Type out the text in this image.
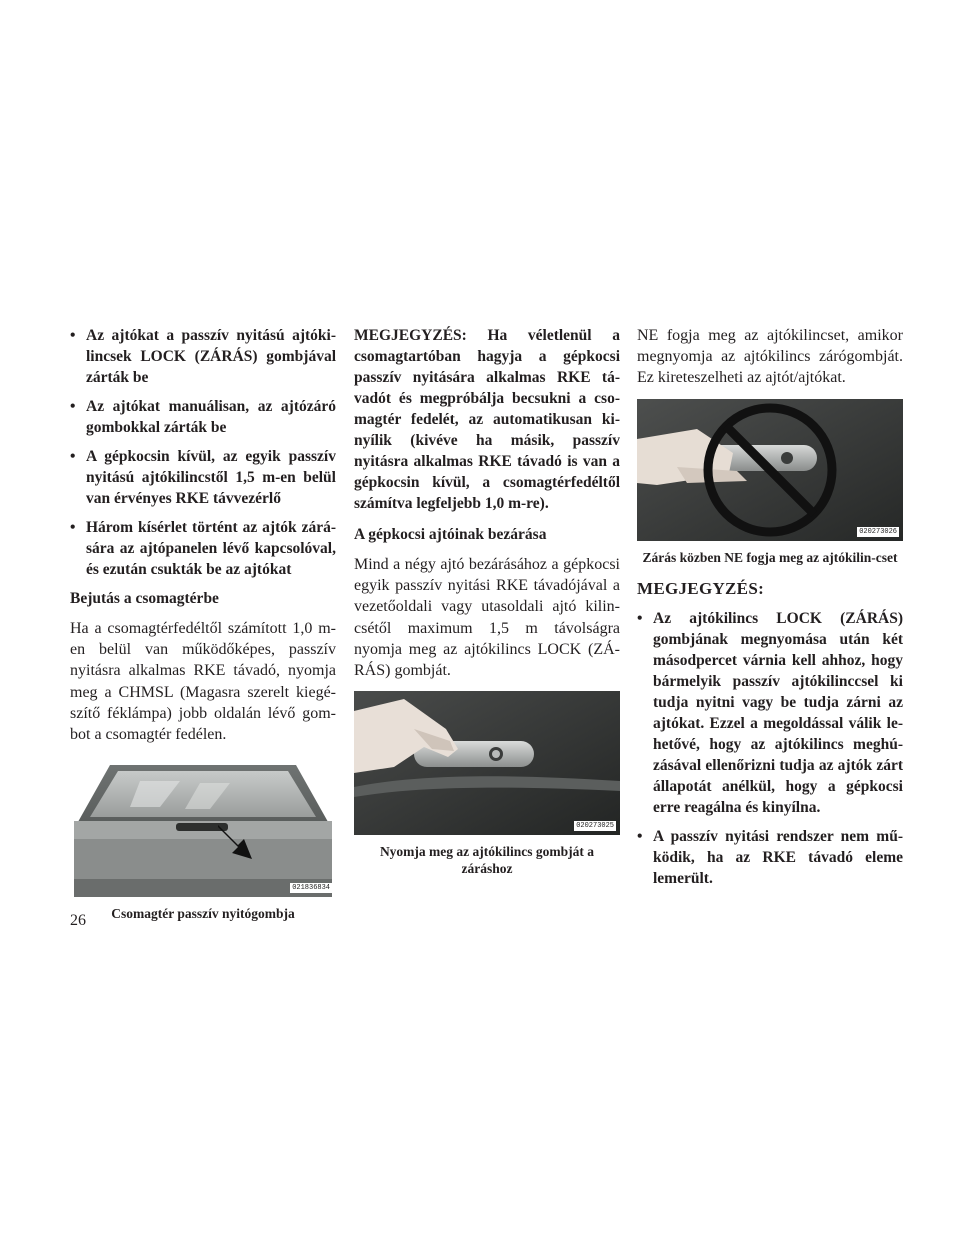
• Az ajtókat a passzív nyitású ajtóki-lincsek LOCK (ZÁRÁS) gombjával zárták be
• Az ajtókat manuálisan, az ajtózáró gombokkal zárták be
• A gépkocsin kívül, az egyik passzív nyitású ajtókilincstől 1,5 m-en belül van érvényes RKE távvezérlő
• Három kísérlet történt az ajtók zárá-sára az ajtópanelen lévő kapcsolóval, és ezután csukták be az ajtókat
Bejutás a csomagtérbe
Ha a csomagtérfedéltől számított 1,0 m-en belül van működőképes, passzív nyitásra alkalmas RKE távadó, nyomja meg a CHMSL (Magasra szerelt kiegé-szítő féklámpa) jobb oldalán lévő gom-bot a csomagtér fedélen.
021836834
Csomagtér passzív nyitógombja
MEGJEGYZÉS: Ha véletlenül a csomagtartóban hagyja a gépkocsi passzív nyitására alkalmas RKE tá-vadót és megpróbálja becsukni a cso-magtér fedelét, az automatikusan ki-nyílik (kivéve ha másik, passzív nyitásra alkalmas RKE távadó is van a gépkocsin kívül, a csomagtérfedéltől számítva legfeljebb 1,0 m-re).
A gépkocsi ajtóinak bezárása
Mind a négy ajtó bezárásához a gépkocsi egyik passzív nyitási RKE távadójával a vezetőoldali vagy utasoldali ajtó kilin-csétől maximum 1,5 m távolságra nyomja meg az ajtókilincs LOCK (ZÁ-RÁS) gombját.
020273025
Nyomja meg az ajtókilincs gombját a záráshoz
NE fogja meg az ajtókilincset, amikor megnyomja az ajtókilincs zárógombját. Ez kireteszelheti az ajtót/ajtókat.
020273026
Zárás közben NE fogja meg az ajtókilin-cset
MEGJEGYZÉS:
• Az ajtókilincs LOCK (ZÁRÁS) gombjának megnyomása után két másodpercet várnia kell ahhoz, hogy bármelyik passzív ajtókilinccsel ki tudja nyitni vagy be tudja zárni az ajtókat. Ezzel a megoldással válik le-hetővé, hogy az ajtókilincs meghú-zásával ellenőrizni tudja az ajtók zárt állapotát anélkül, hogy a gépkocsi erre reagálna és kinyílna.
• A passzív nyitási rendszer nem mű-ködik, ha az RKE távadó eleme lemerült.
26
